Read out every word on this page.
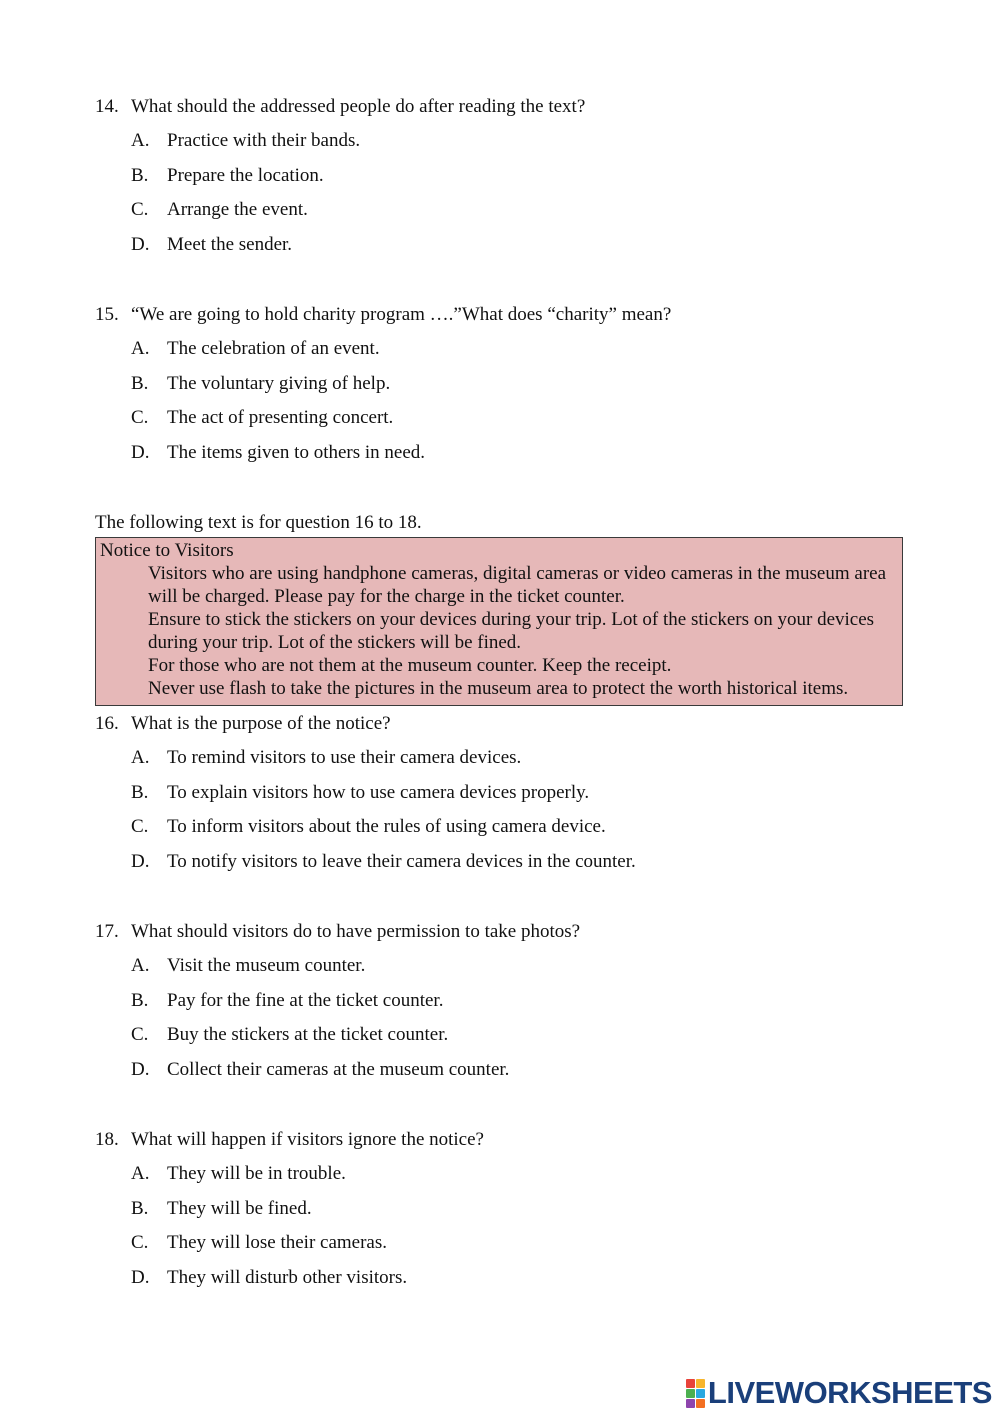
14. What should the addressed people do after reading the text?
A. Practice with their bands.
B. Prepare the location.
C. Arrange the event.
D. Meet the sender.
15. “We are going to hold charity program ….”What does “charity” mean?
A. The celebration of an event.
B. The voluntary giving of help.
C. The act of presenting concert.
D. The items given to others in need.
The following text is for question 16 to 18.
Notice to Visitors
Visitors who are using handphone cameras, digital cameras or video cameras in the museum area will be charged. Please pay for the charge in the ticket counter.
Ensure to stick the stickers on your devices during your trip. Lot of the stickers on your devices during your trip. Lot of the stickers will be fined.
For those who are not them at the museum counter. Keep the receipt.
Never use flash to take the pictures in the museum area to protect the worth historical items.
16. What is the purpose of the notice?
A. To remind visitors to use their camera devices.
B. To explain visitors how to use camera devices properly.
C. To inform visitors about the rules of using camera device.
D. To notify visitors to leave their camera devices in the counter.
17. What should visitors do to have permission to take photos?
A. Visit the museum counter.
B. Pay for the fine at the ticket counter.
C. Buy the stickers at the ticket counter.
D. Collect their cameras at the museum counter.
18. What will happen if visitors ignore the notice?
A. They will be in trouble.
B. They will be fined.
C. They will lose their cameras.
D. They will disturb other visitors.
LIVEWORKSHEETS
